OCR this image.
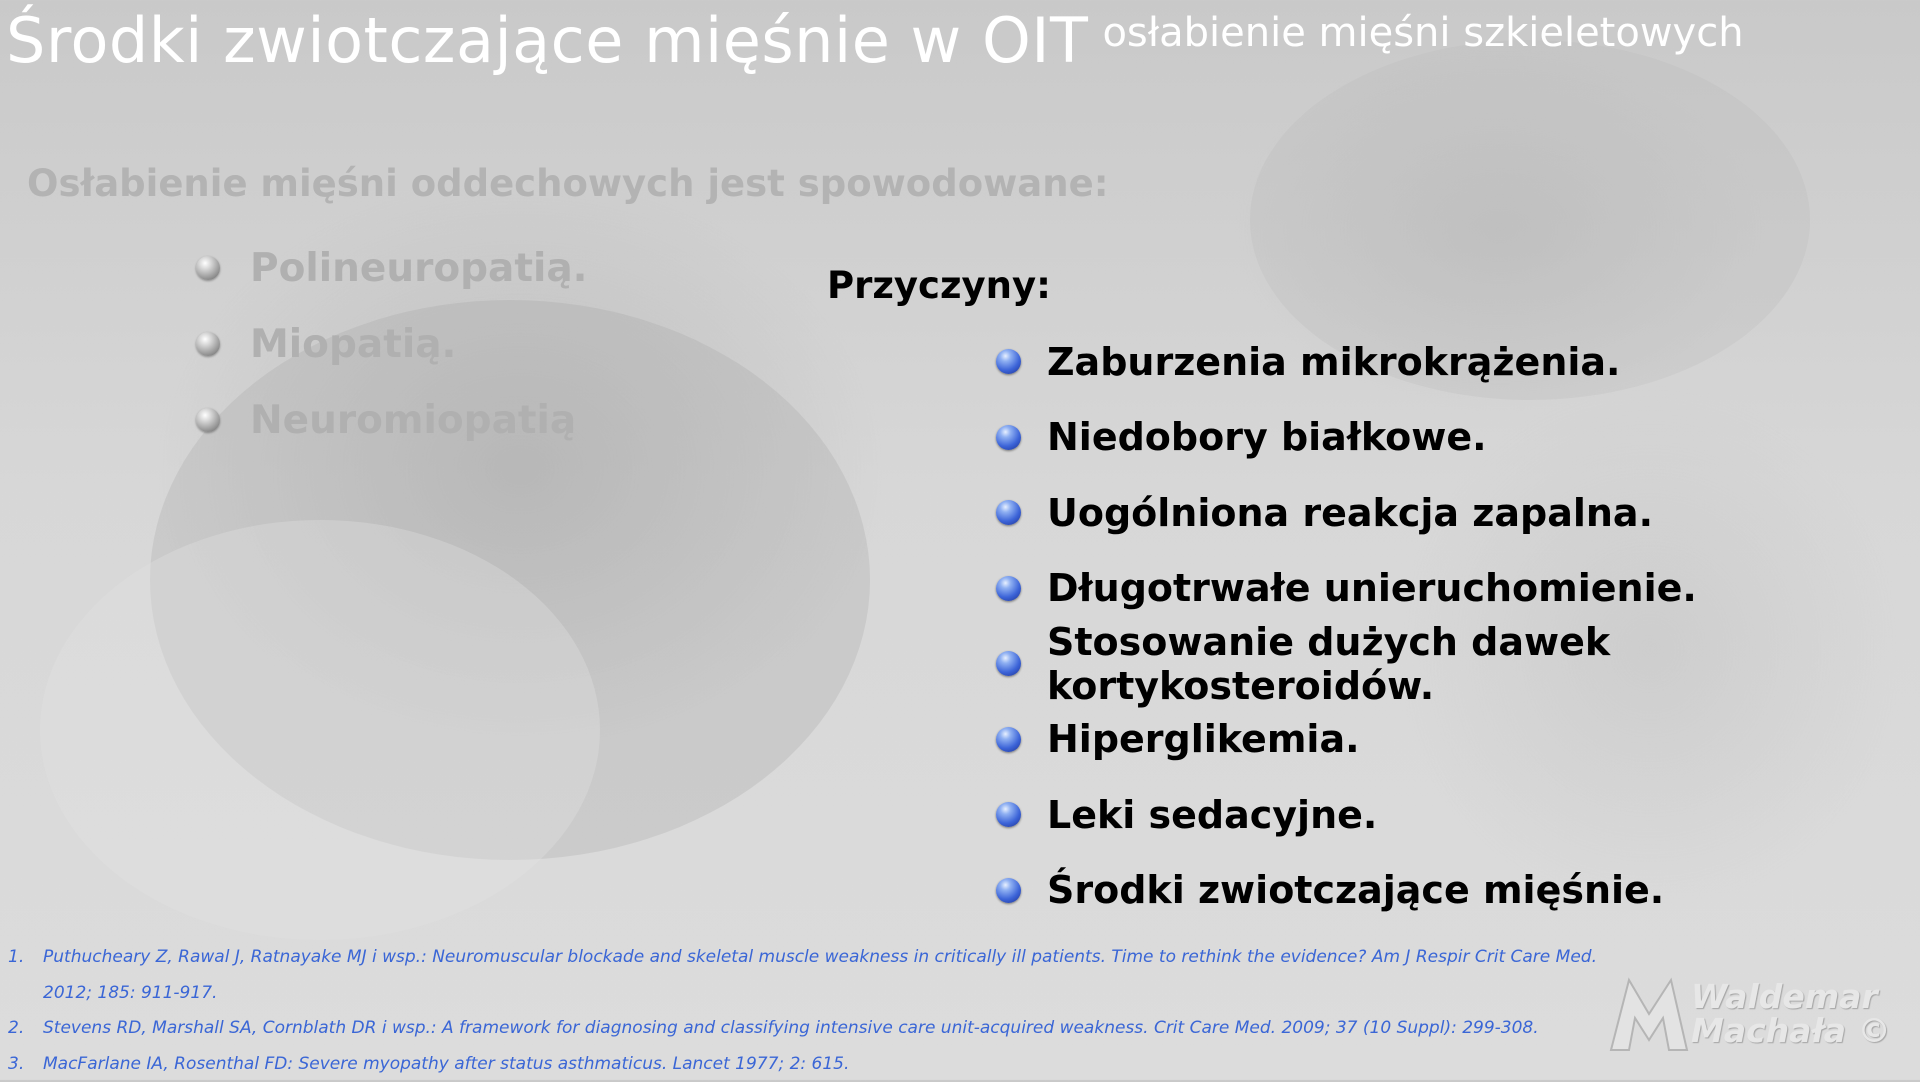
Środki zwiotczające mięśnie w OIT osłabienie mięśni szkieletowych
Osłabienie mięśni oddechowych jest spowodowane:
Polineuropatią.
Miopatią.
Neuromiopatią
Przyczyny:
Zaburzenia mikrokrążenia.
Niedobory białkowe.
Uogólniona reakcja zapalna.
Długotrwałe unieruchomienie.
Stosowanie dużych dawek kortykosteroidów.
Hiperglikemia.
Leki sedacyjne.
Środki zwiotczające mięśnie.
1.	Puthucheary Z, Rawal J, Ratnayake MJ i wsp.: Neuromuscular blockade and skeletal muscle weakness in critically ill patients. Time to rethink the evidence? Am J Respir Crit Care Med.
2012; 185: 911-917.
2.	Stevens RD, Marshall SA, Cornblath DR i wsp.: A framework for diagnosing and classifying intensive care unit-acquired weakness. Crit Care Med. 2009; 37 (10 Suppl): 299-308.
3.	MacFarlane IA, Rosenthal FD: Severe myopathy after status asthmaticus. Lancet 1977; 2: 615.
Waldemar
Machała ©
